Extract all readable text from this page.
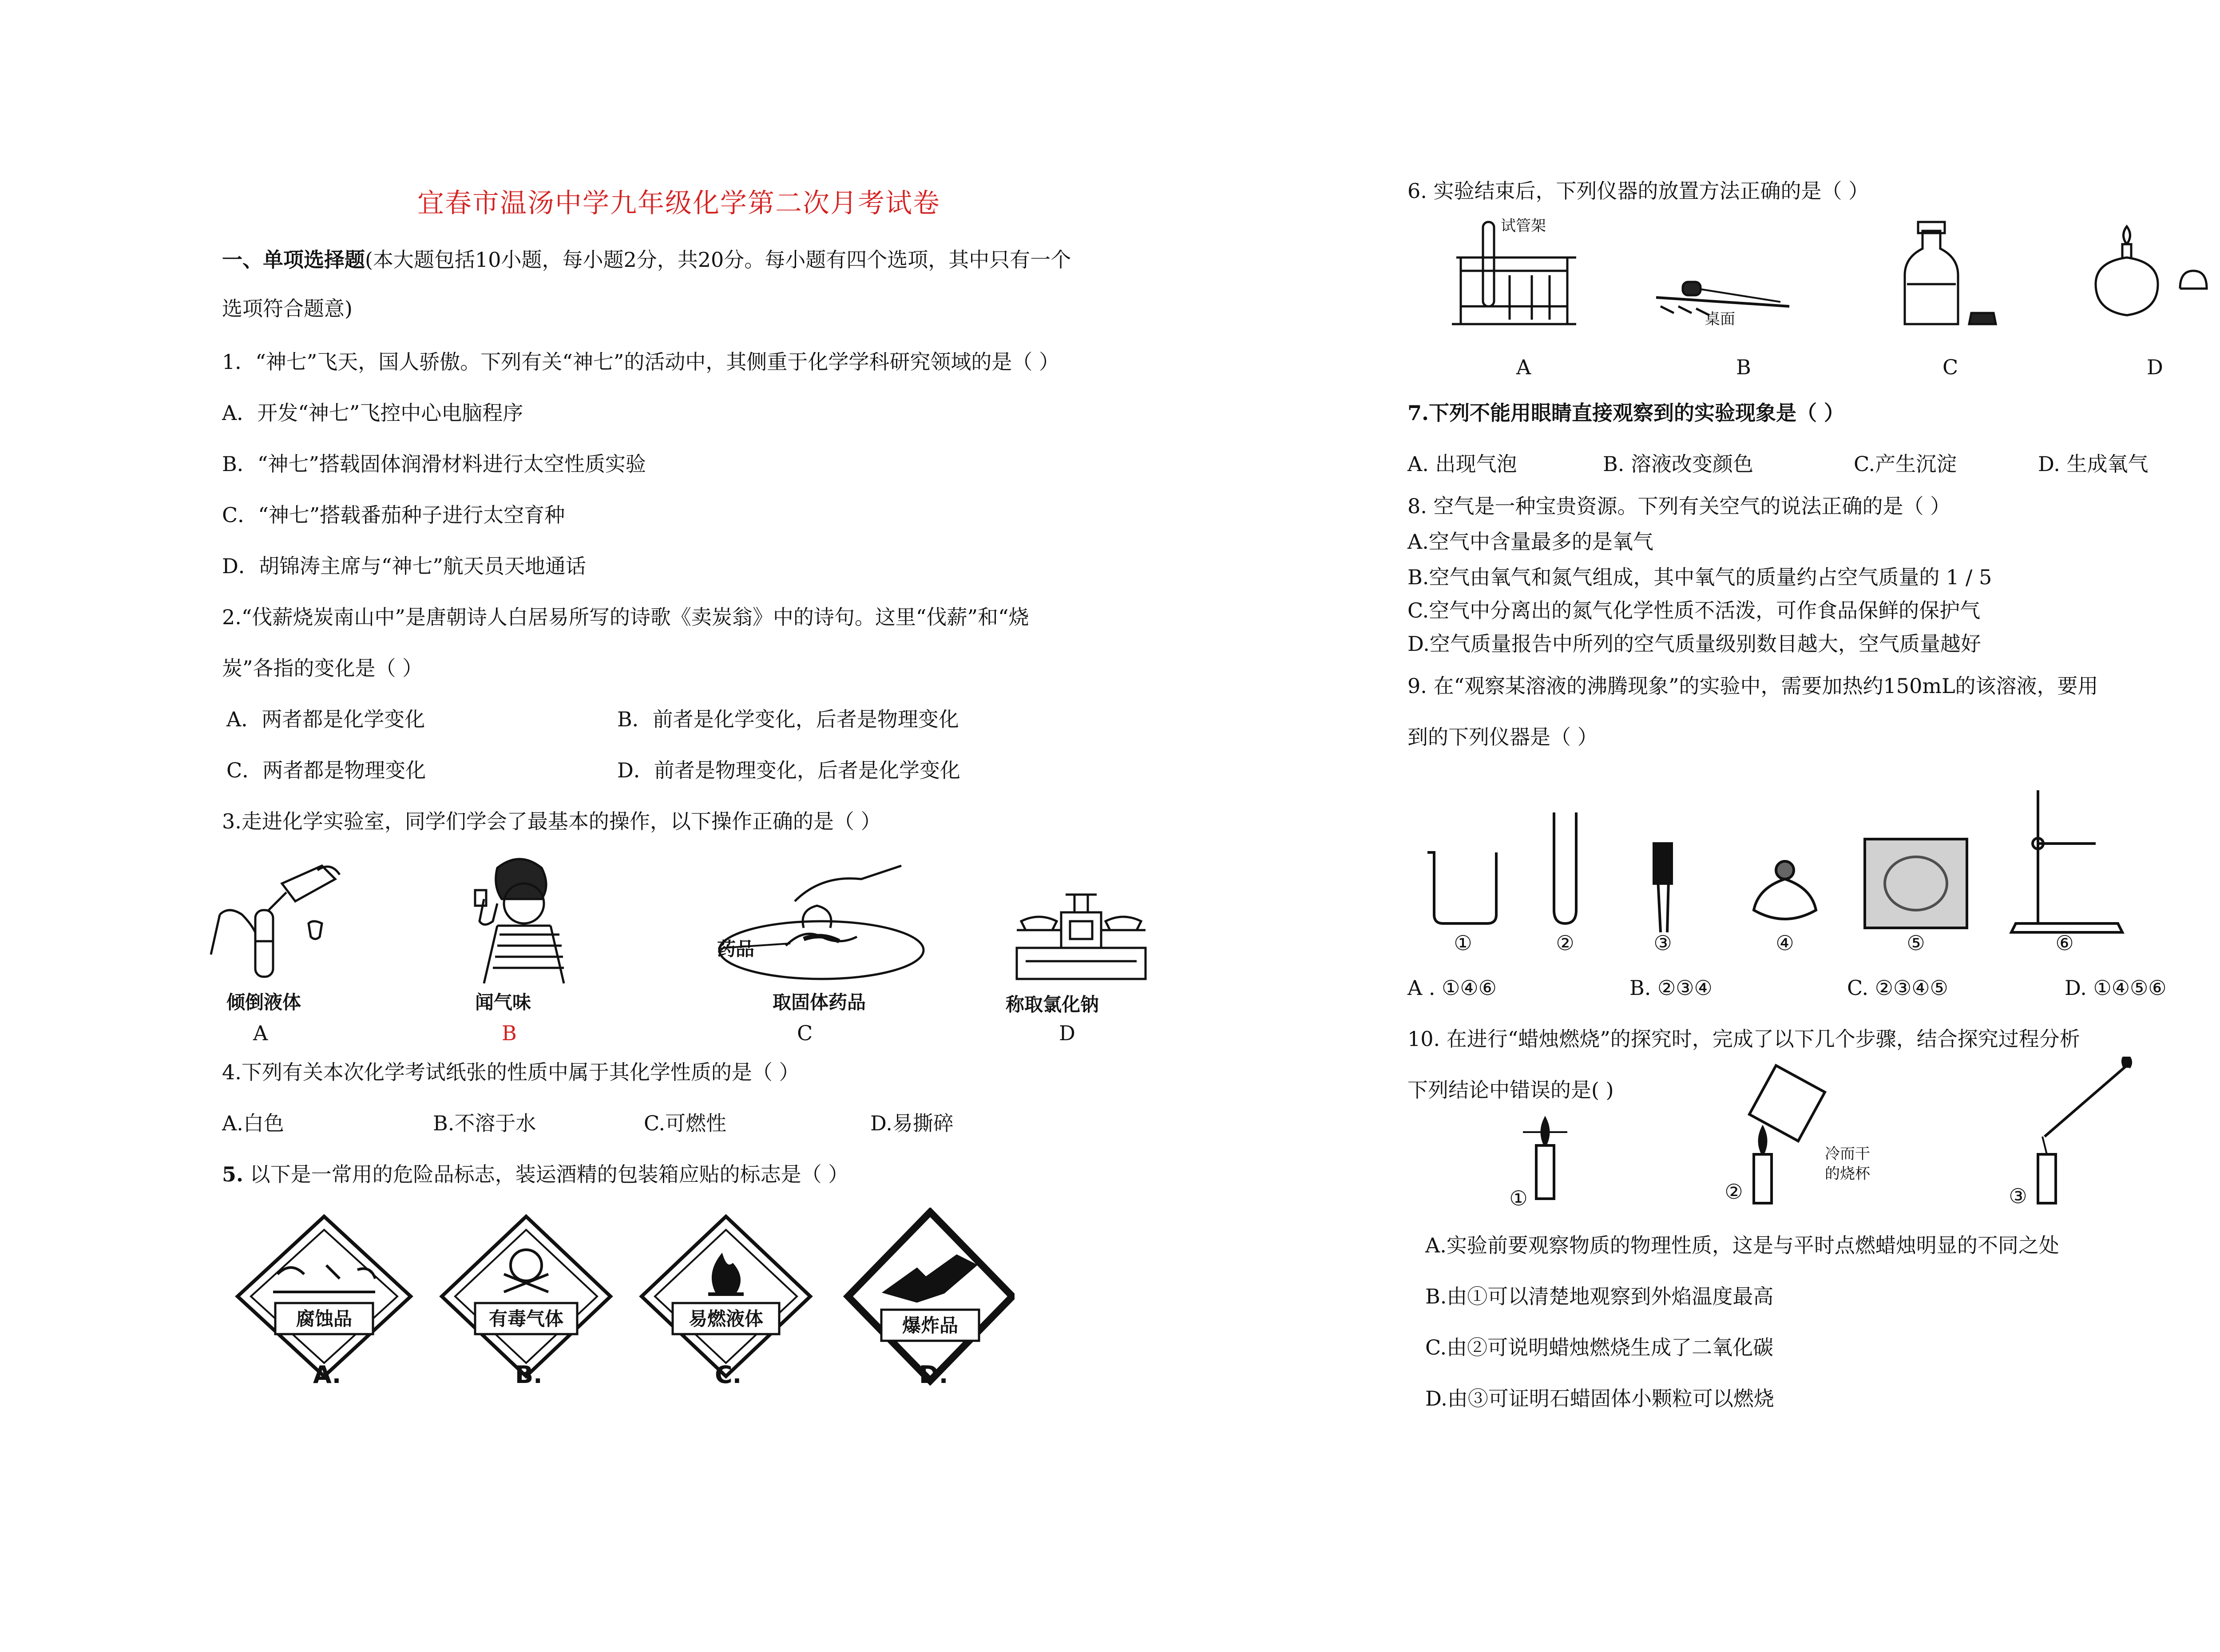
宜春市温汤中学九年级化学第二次月考试卷
一、单项选择题(本大题包括10小题，每小题2分，共20分。每小题有四个选项，其中只有一个
选项符合题意)
1．“神七”飞天，国人骄傲。下列有关“神七”的活动中，其侧重于化学学科研究领域的是（ ）
A．开发“神七”飞控中心电脑程序
B．“神七”搭载固体润滑材料进行太空性质实验
C．“神七”搭载番茄种子进行太空育种
D．胡锦涛主席与“神七”航天员天地通话
2.“伐薪烧炭南山中”是唐朝诗人白居易所写的诗歌《卖炭翁》中的诗句。这里“伐薪”和“烧
炭”各指的变化是（ ）
A．两者都是化学变化	B．前者是化学变化，后者是物理变化
C．两者都是物理变化	D．前者是物理变化，后者是化学变化
3.走进化学实验室，同学们学会了最基本的操作，以下操作正确的是（ ）
倾倒液体
A
闻气味
B
药品
取固体药品
C
称取氯化钠
D
4.下列有关本次化学考试纸张的性质中属于其化学性质的是（ ）
A.白色	B.不溶于水	C.可燃性	D.易撕碎
5. 以下是一常用的危险品标志，装运酒精的包装箱应贴的标志是（ ）
腐蚀品	有毒气体	易燃液体	爆炸品
A.	B.	C.	D.
6. 实验结束后，下列仪器的放置方法正确的是（ ）
试管架
桌面
A	B	C	D
7.下列不能用眼睛直接观察到的实验现象是（ ）
A. 出现气泡	B. 溶液改变颜色	C.产生沉淀	D. 生成氧气
8. 空气是一种宝贵资源。下列有关空气的说法正确的是（ ）
A.空气中含量最多的是氧气
B.空气由氧气和氮气组成，其中氧气的质量约占空气质量的 1 / 5
C.空气中分离出的氮气化学性质不活泼，可作食品保鲜的保护气
D.空气质量报告中所列的空气质量级别数目越大，空气质量越好
9. 在“观察某溶液的沸腾现象”的实验中，需要加热约150mL的该溶液，要用
到的下列仪器是（ ）
①	②	③	④	⑤	⑥
A . ①④⑥	B. ②③④	C. ②③④⑤	D. ①④⑤⑥
10. 在进行“蜡烛燃烧”的探究时，完成了以下几个步骤，结合探究过程分析
下列结论中错误的是( )
①	②	③
冷而干
的烧杯
A.实验前要观察物质的物理性质，这是与平时点燃蜡烛明显的不同之处
B.由①可以清楚地观察到外焰温度最高
C.由②可说明蜡烛燃烧生成了二氧化碳
D.由③可证明石蜡固体小颗粒可以燃烧
